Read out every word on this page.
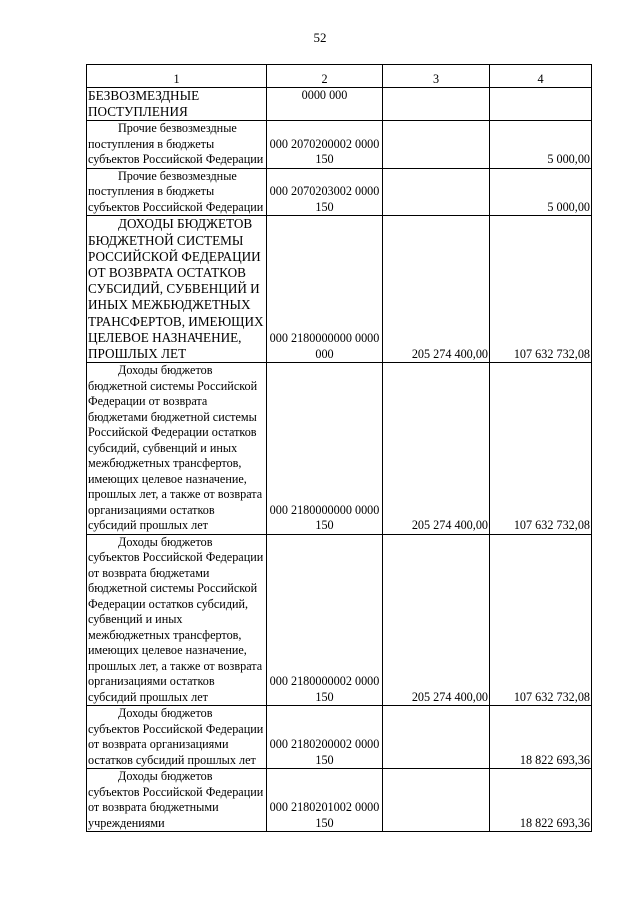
52
1	2	3	4
БЕЗВОЗМЕЗДНЫЕ ПОСТУПЛЕНИЯ	0000 000		

Прочие безвозмездные поступления в бюджеты субъектов Российской Федерации	000 2070200002 0000 150		5 000,00

Прочие безвозмездные поступления в бюджеты субъектов Российской Федерации	000 2070203002 0000 150		5 000,00

ДОХОДЫ БЮДЖЕТОВ БЮДЖЕТНОЙ СИСТЕМЫ РОССИЙСКОЙ ФЕДЕРАЦИИ ОТ ВОЗВРАТА ОСТАТКОВ СУБСИДИЙ, СУБВЕНЦИЙ И ИНЫХ МЕЖБЮДЖЕТНЫХ ТРАНСФЕРТОВ, ИМЕЮЩИХ ЦЕЛЕВОЕ НАЗНАЧЕНИЕ, ПРОШЛЫХ ЛЕТ	000 2180000000 0000 000	205 274 400,00	107 632 732,08

Доходы бюджетов бюджетной системы Российской Федерации от возврата бюджетами бюджетной системы Российской Федерации остатков субсидий, субвенций и иных межбюджетных трансфертов, имеющих целевое назначение, прошлых лет, а также от возврата организациями остатков субсидий прошлых лет	000 2180000000 0000 150	205 274 400,00	107 632 732,08

Доходы бюджетов субъектов Российской Федерации от возврата бюджетами бюджетной системы Российской Федерации остатков субсидий, субвенций и иных межбюджетных трансфертов, имеющих целевое назначение, прошлых лет, а также от возврата организациями остатков субсидий прошлых лет	000 2180000002 0000 150	205 274 400,00	107 632 732,08

Доходы бюджетов субъектов Российской Федерации от возврата организациями остатков субсидий прошлых лет	000 2180200002 0000 150		18 822 693,36

Доходы бюджетов субъектов Российской Федерации от возврата бюджетными учреждениями	000 2180201002 0000 150		18 822 693,36
